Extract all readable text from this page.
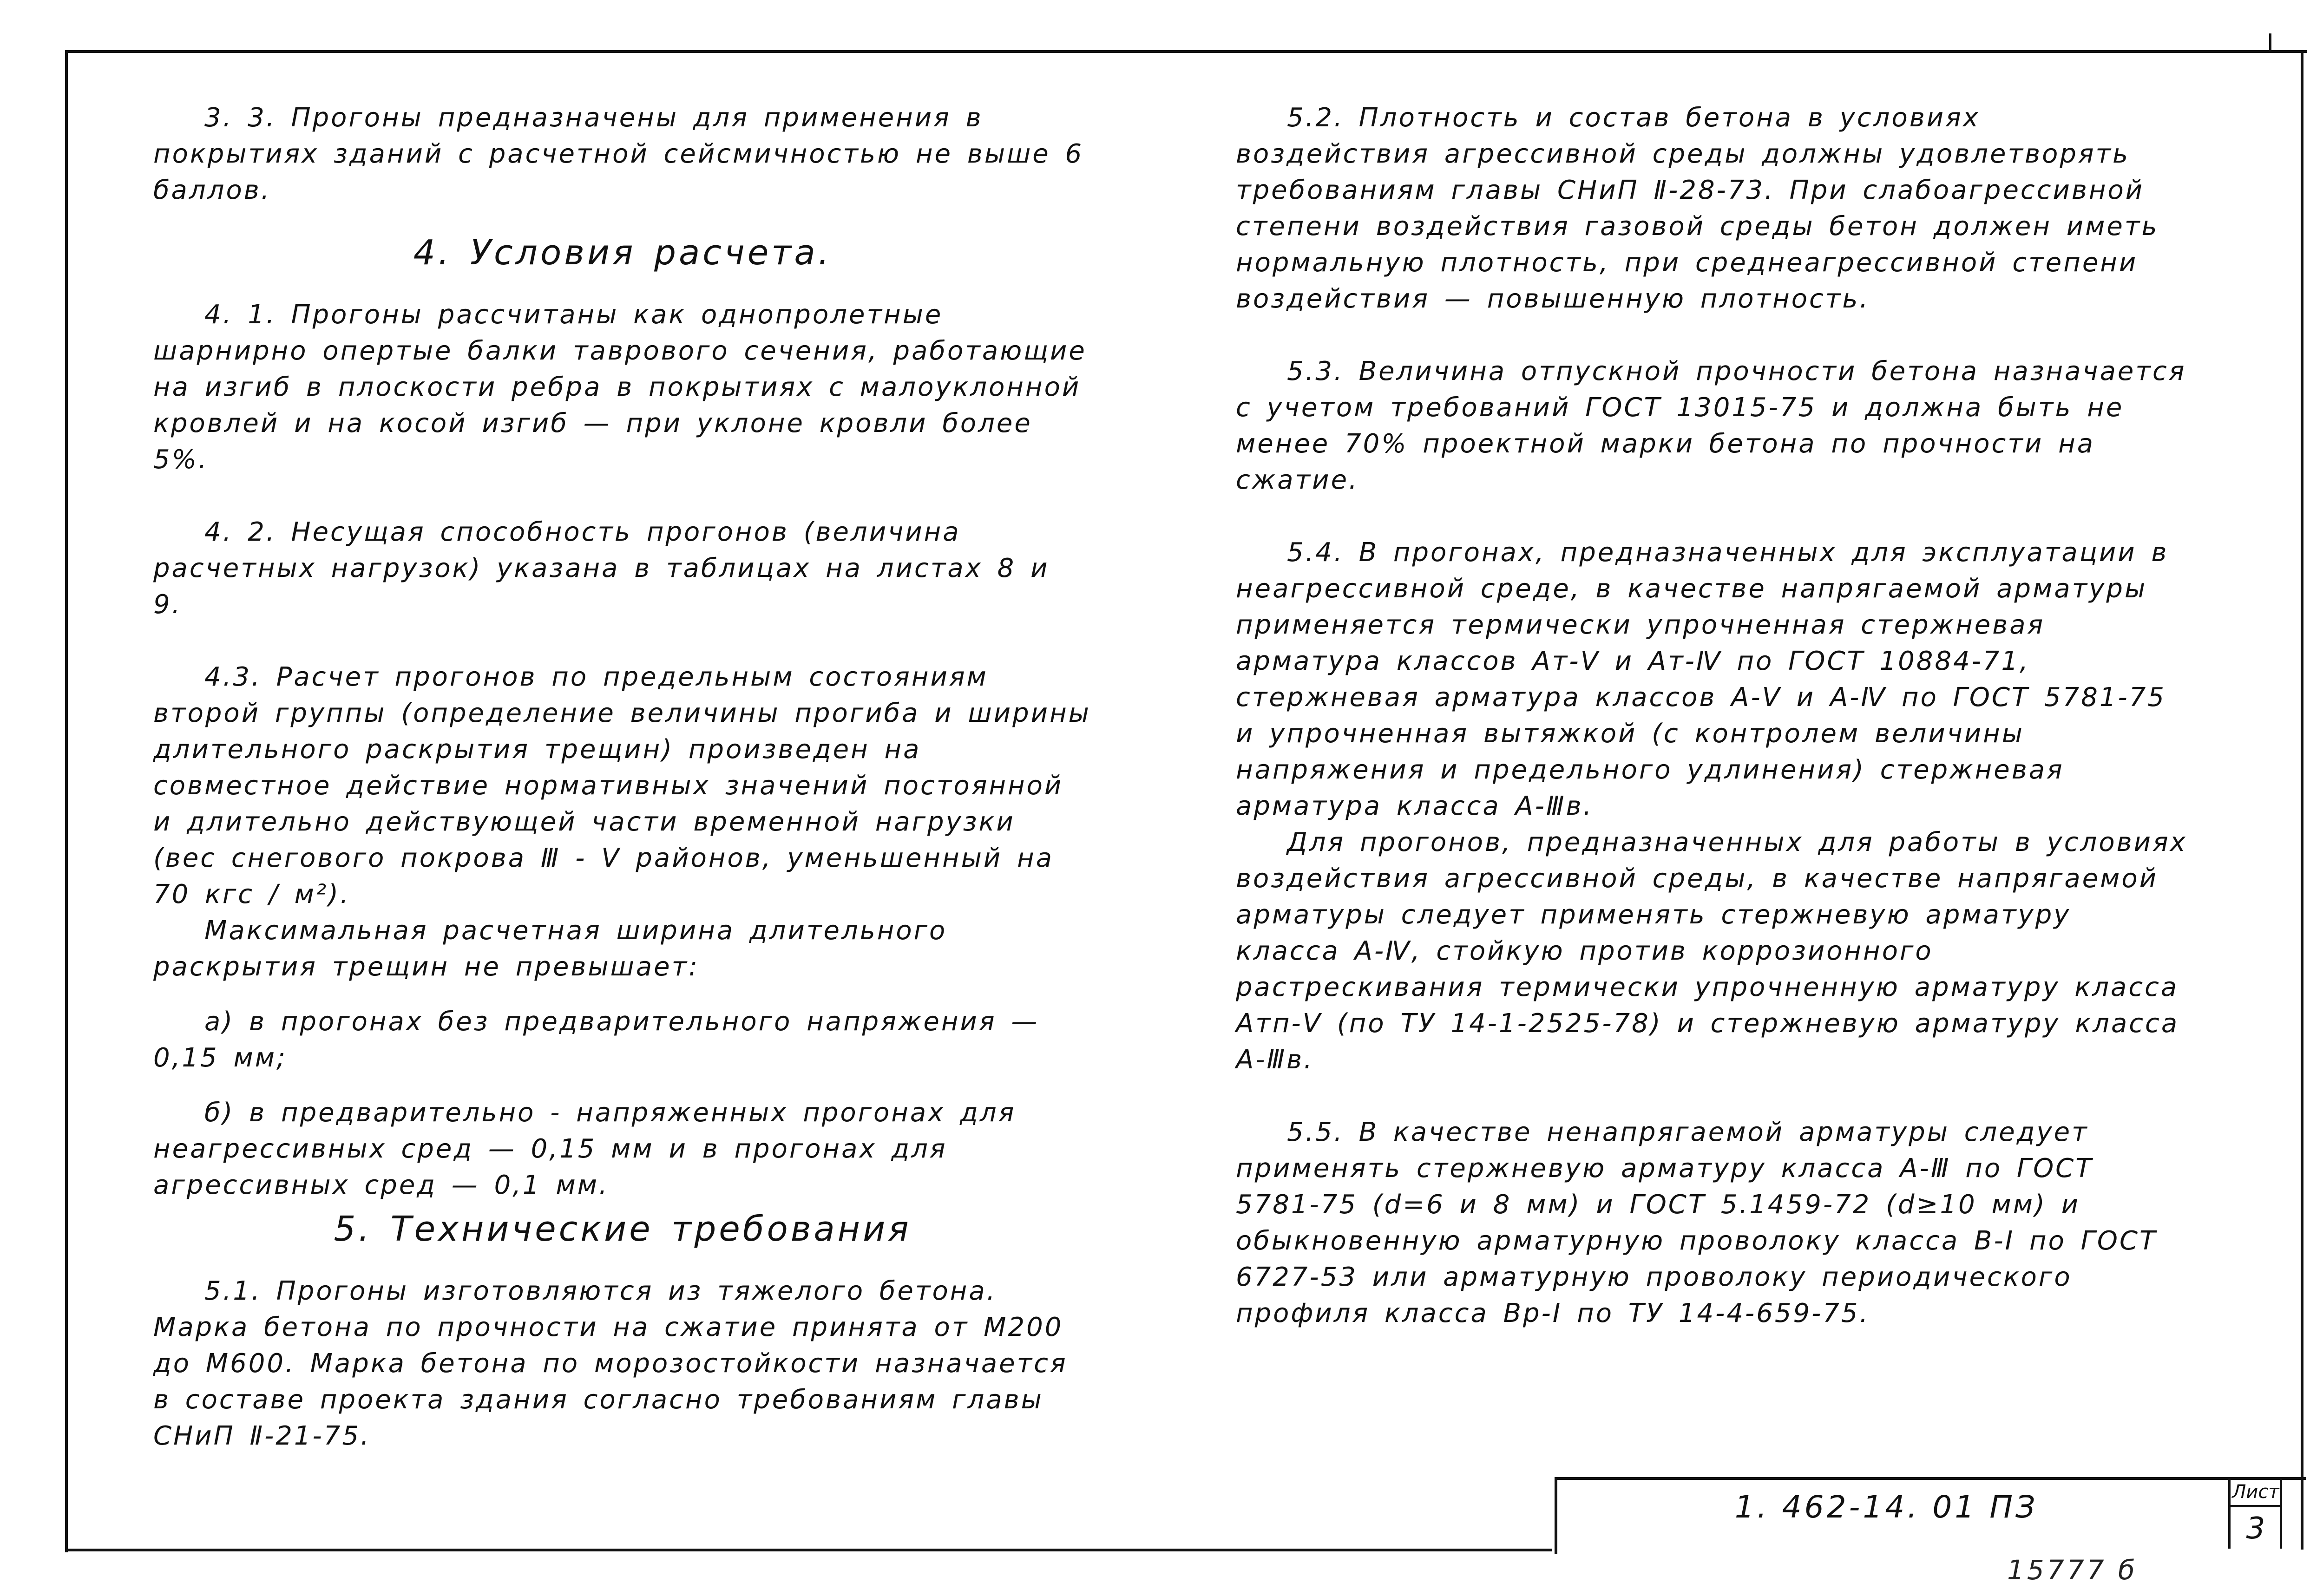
3. 3. Прогоны предназначены для применения в покрытиях зданий с расчетной сейсмичностью не выше 6 баллов.

4. Условия расчета.

4. 1. Прогоны рассчитаны как однопролетные шарнирно опертые балки таврового сечения, работающие на изгиб в плоскости ребра в покрытиях с малоуклонной кровлей и на косой изгиб — при уклоне кровли более 5%.

4. 2. Несущая способность прогонов (величина расчетных нагрузок) указана в таблицах на листах 8 и 9.

4.3. Расчет прогонов по предельным состояниям второй группы (определение величины прогиба и ширины длительного раскрытия трещин) произведен на совместное действие нормативных значений постоянной и длительно действующей части временной нагрузки (вес снегового покрова Ⅲ - Ⅴ районов, уменьшенный на 70 кгс / м²).

Максимальная расчетная ширина длительного раскрытия трещин не превышает:

а) в прогонах без предварительного напряжения — 0,15 мм;

б) в предварительно - напряженных прогонах для неагрессивных сред — 0,15 мм и в прогонах для агрессивных сред — 0,1 мм.

5. Технические требования

5.1. Прогоны изготовляются из тяжелого бетона. Марка бетона по прочности на сжатие принята от М200 до М600. Марка бетона по морозостойкости назначается в составе проекта здания согласно требованиям главы СНиП Ⅱ-21-75.

5.2. Плотность и состав бетона в условиях воздействия агрессивной среды должны удовлетворять требованиям главы СНиП Ⅱ-28-73. При слабоагрессивной степени воздействия газовой среды бетон должен иметь нормальную плотность, при среднеагрессивной степени воздействия — повышенную плотность.

5.3. Величина отпускной прочности бетона назначается с учетом требований ГОСТ 13015-75 и должна быть не менее 70% проектной марки бетона по прочности на сжатие.

5.4. В прогонах, предназначенных для эксплуатации в неагрессивной среде, в качестве напрягаемой арматуры применяется термически упрочненная стержневая арматура классов Ат-Ⅴ и Ат-Ⅳ по ГОСТ 10884-71, стержневая арматура классов А-Ⅴ и А-Ⅳ по ГОСТ 5781-75 и упрочненная вытяжкой (с контролем величины напряжения и предельного удлинения) стержневая арматура класса А-Ⅲв.

Для прогонов, предназначенных для работы в условиях воздействия агрессивной среды, в качестве напрягаемой арматуры следует применять стержневую арматуру класса А-Ⅳ, стойкую против коррозионного растрескивания термически упрочненную арматуру класса Атп-Ⅴ (по ТУ 14-1-2525-78) и стержневую арматуру класса А-Ⅲв.

5.5. В качестве ненапрягаемой арматуры следует применять стержневую арматуру класса А-Ⅲ по ГОСТ 5781-75 (d=6 и 8 мм) и ГОСТ 5.1459-72 (d≥10 мм) и обыкновенную арматурную проволоку класса В-Ⅰ по ГОСТ 6727-53 или арматурную проволоку периодического профиля класса Вр-Ⅰ по ТУ 14-4-659-75.

1. 462-14. 01 ПЗ	Лист
3
15777 б
